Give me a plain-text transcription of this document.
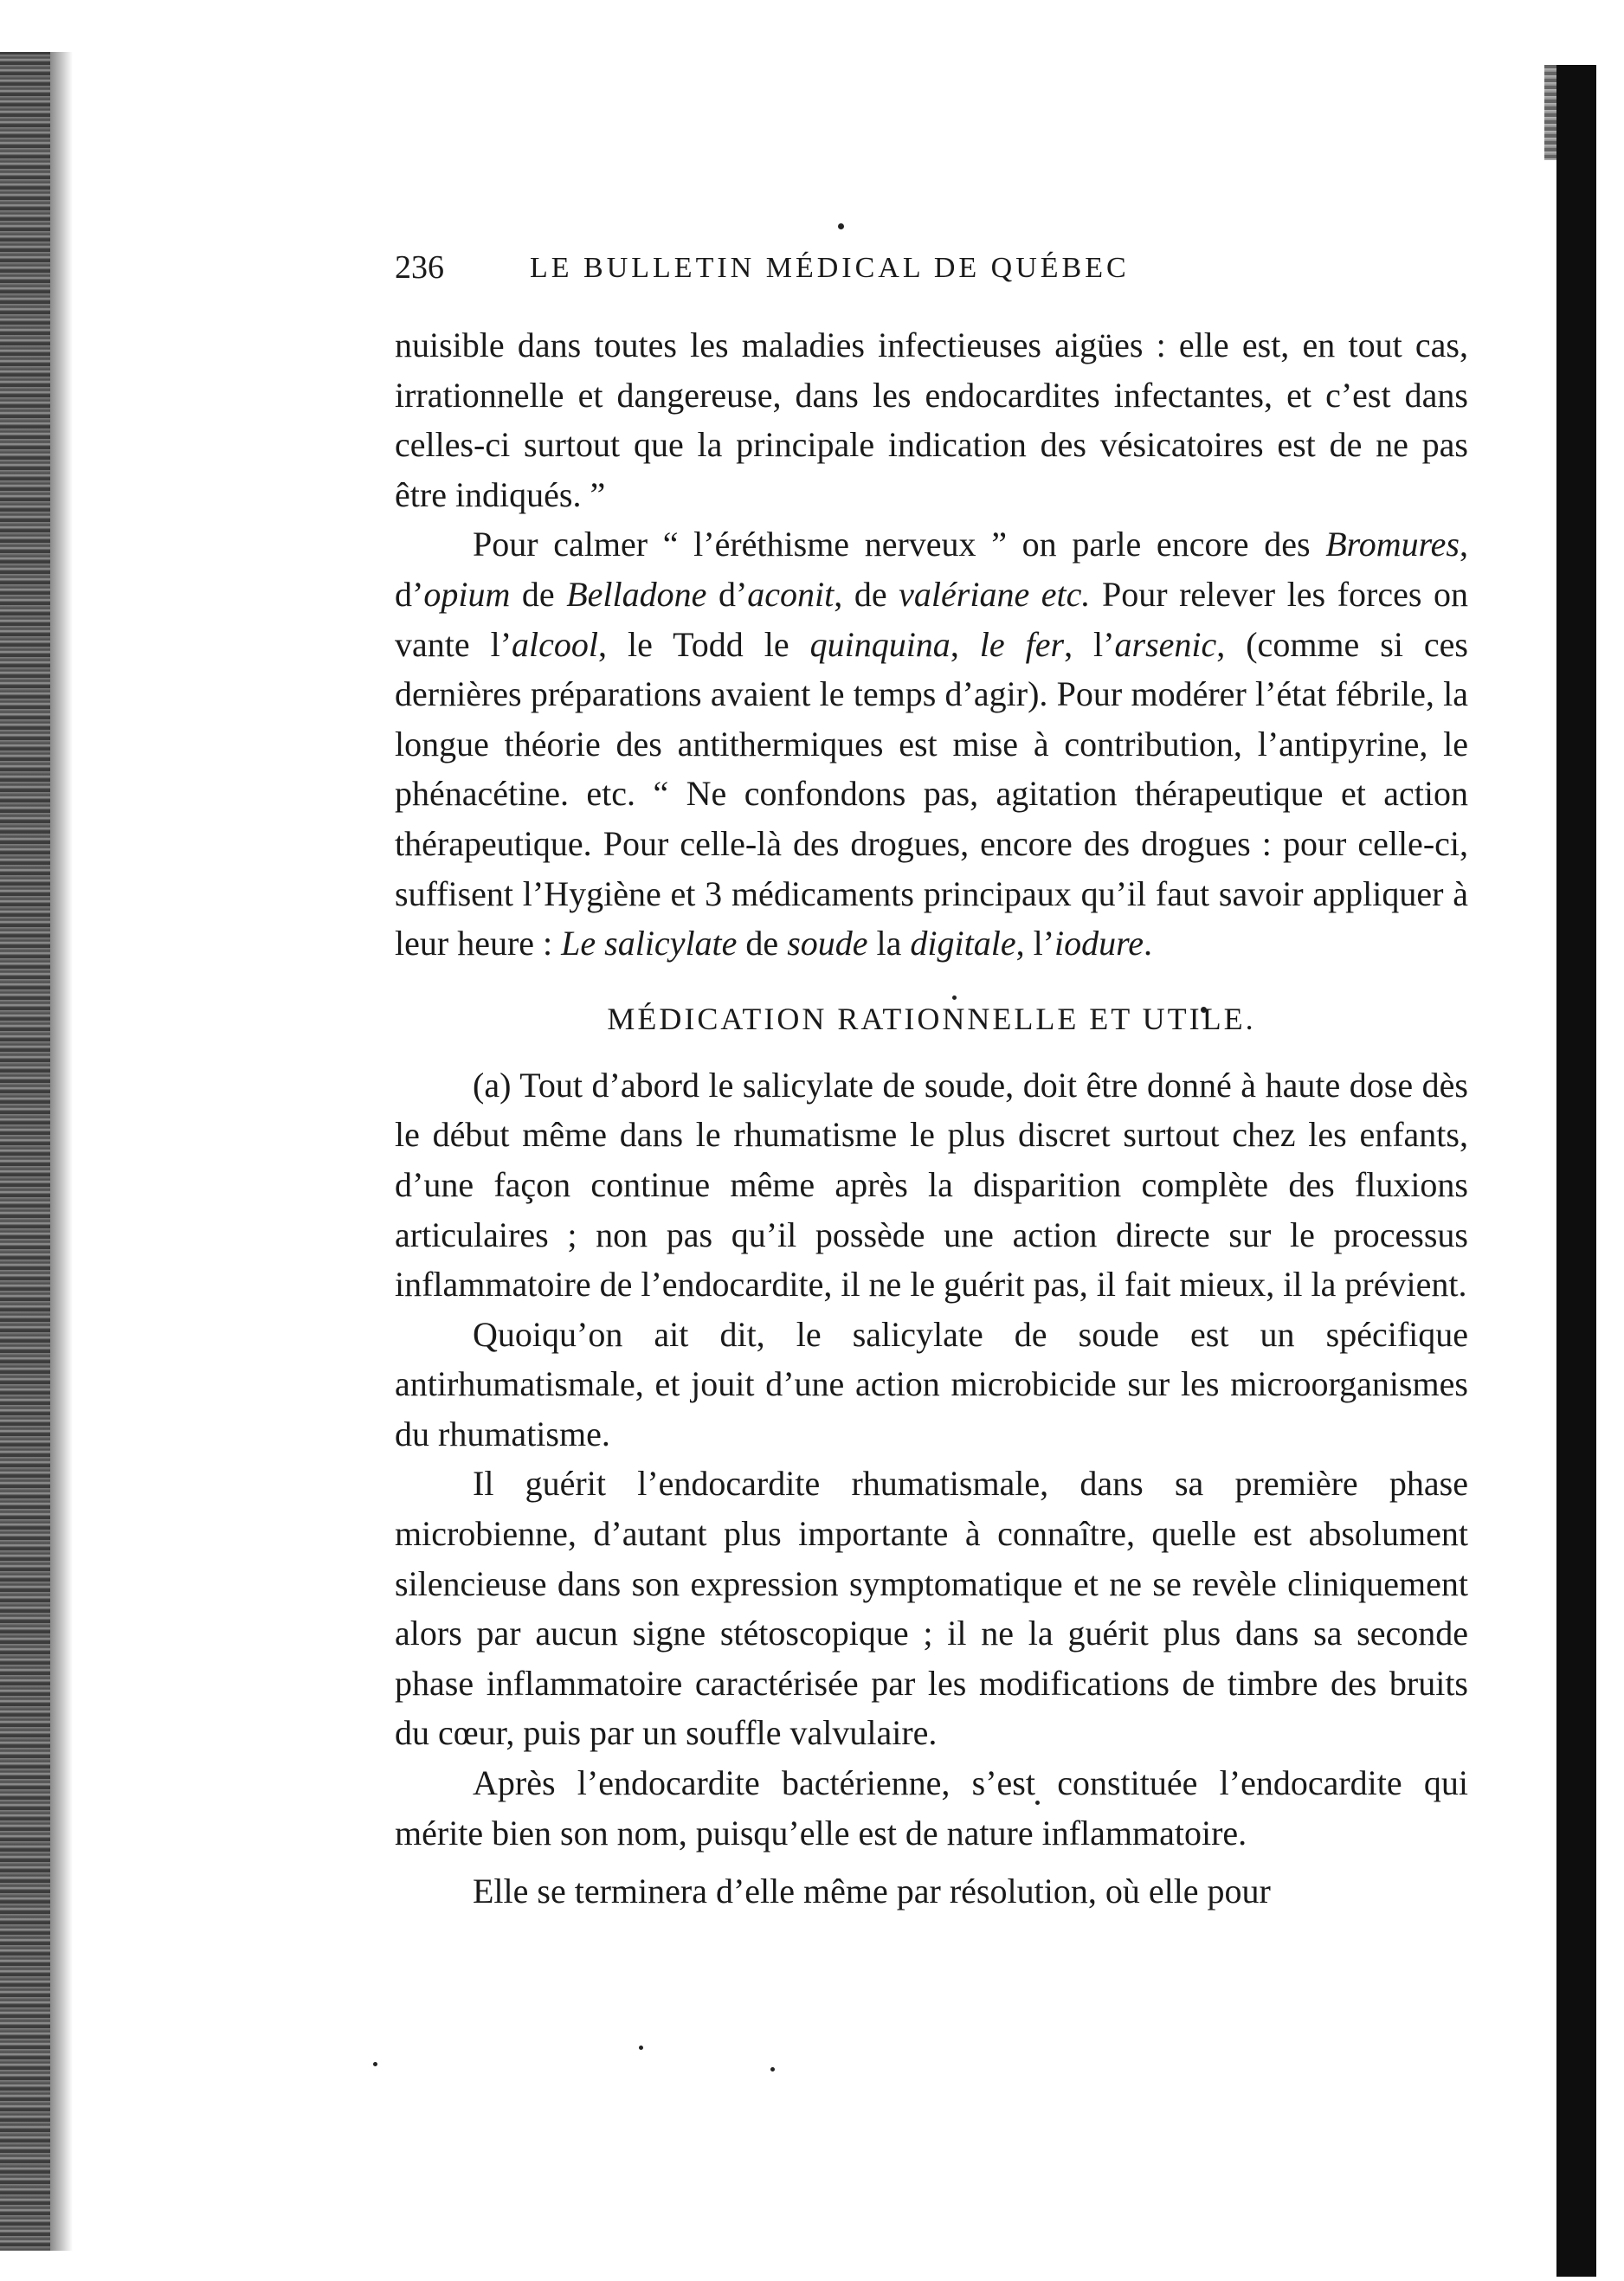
236	LE BULLETIN MÉDICAL DE QUÉBEC

nuisible dans toutes les maladies infectieuses aigües : elle est, en tout cas, irrationnelle et dangereuse, dans les endocardites infectantes, et c’est dans celles-ci surtout que la principale indication des vésicatoires est de ne pas être indiqués. ”

Pour calmer “ l’éréthisme nerveux ” on parle encore des Bromures, d’opium de Belladone d’aconit, de valériane etc. Pour relever les forces on vante l’alcool, le Todd le quinquina, le fer, l’arsenic, (comme si ces dernières préparations avaient le temps d’agir). Pour modérer l’état fébrile, la longue théorie des antithermiques est mise à contribution, l’antipyrine, le phénacétine. etc. “ Ne confondons pas, agitation thérapeutique et action thérapeutique. Pour celle-là des drogues, encore des drogues : pour celle-ci, suffisent l’Hygiène et 3 médicaments principaux qu’il faut savoir appliquer à leur heure : Le salicylate de soude la digitale, l’iodure.

MÉDICATION RATIONNELLE ET UTILE.

(a) Tout d’abord le salicylate de soude, doit être donné à haute dose dès le début même dans le rhumatisme le plus discret surtout chez les enfants, d’une façon continue même après la disparition complète des fluxions articulaires ; non pas qu’il possède une action directe sur le processus inflammatoire de l’endocardite, il ne le guérit pas, il fait mieux, il la prévient.

Quoiqu’on ait dit, le salicylate de soude est un spécifique antirhumatismale, et jouit d’une action microbicide sur les microorganismes du rhumatisme.

Il guérit l’endocardite rhumatismale, dans sa première phase microbienne, d’autant plus importante à connaître, quelle est absolument silencieuse dans son expression symptomatique et ne se revèle cliniquement alors par aucun signe stétoscopique ; il ne la guérit plus dans sa seconde phase inflammatoire caractérisée par les modifications de timbre des bruits du cœur, puis par un souffle valvulaire.

Après l’endocardite bactérienne, s’est constituée l’endocardite qui mérite bien son nom, puisqu’elle est de nature inflammatoire.

Elle se terminera d’elle même par résolution, où elle pour
